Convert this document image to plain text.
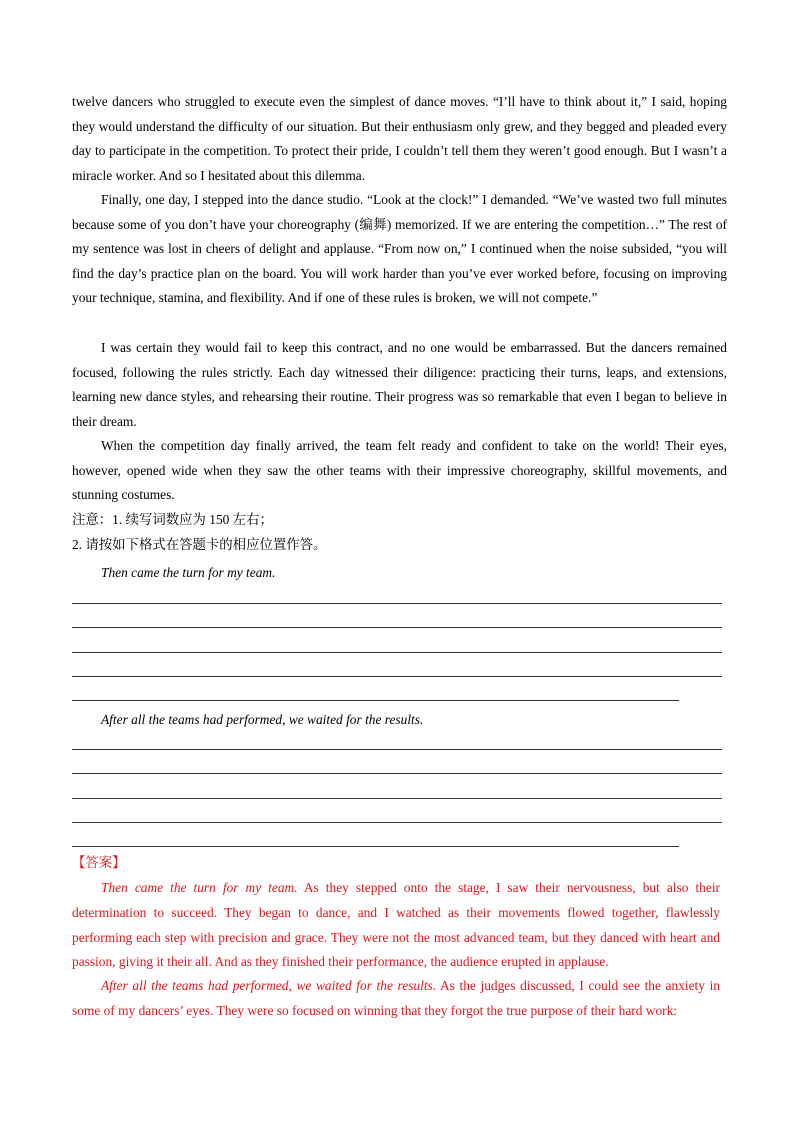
twelve dancers who struggled to execute even the simplest of dance moves. “I’ll have to think about it,” I said, hoping they would understand the difficulty of our situation. But their enthusiasm only grew, and they begged and pleaded every day to participate in the competition. To protect their pride, I couldn’t tell them they weren’t good enough. But I wasn’t a miracle worker. And so I hesitated about this dilemma.

Finally, one day, I stepped into the dance studio. “Look at the clock!” I demanded. “We’ve wasted two full minutes because some of you don’t have your choreography (编舞) memorized. If we are entering the competition…” The rest of my sentence was lost in cheers of delight and applause. “From now on,” I continued when the noise subsided, “you will find the day’s practice plan on the board. You will work harder than you’ve ever worked before, focusing on improving your technique, stamina, and flexibility. And if one of these rules is broken, we will not compete.”

I was certain they would fail to keep this contract, and no one would be embarrassed. But the dancers remained focused, following the rules strictly. Each day witnessed their diligence: practicing their turns, leaps, and extensions, learning new dance styles, and rehearsing their routine. Their progress was so remarkable that even I began to believe in their dream.

When the competition day finally arrived, the team felt ready and confident to take on the world! Their eyes, however, opened wide when they saw the other teams with their impressive choreography, skillful movements, and stunning costumes.

注意：1. 续写词数应为 150 左右；

2. 请按如下格式在答题卡的相应位置作答。

Then came the turn for my team.

After all the teams had performed, we waited for the results.

【答案】

Then came the turn for my team. As they stepped onto the stage, I saw their nervousness, but also their determination to succeed. They began to dance, and I watched as their movements flowed together, flawlessly performing each step with precision and grace. They were not the most advanced team, but they danced with heart and passion, giving it their all. And as they finished their performance, the audience erupted in applause.

After all the teams had performed, we waited for the results. As the judges discussed, I could see the anxiety in some of my dancers’ eyes. They were so focused on winning that they forgot the true purpose of their hard work:
